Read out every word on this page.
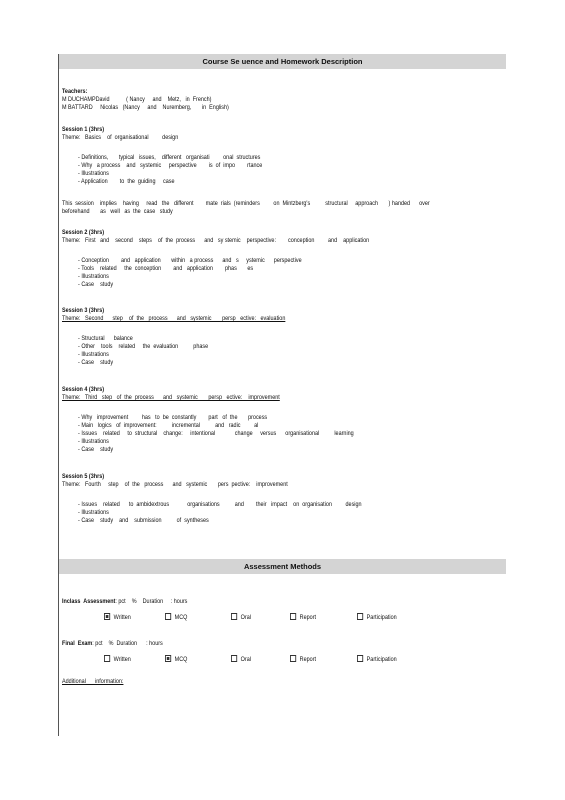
Course Se uence and Homework Description
Teachers:
M DUCHAMPDavid           ( Nancy     and    Metz,   in  French)
M BATTARD     Nicolas   (Nancy     and    Nuremberg,       in  English)
Session 1 (3hrs)
Theme:   Basics    of  organisational         design
- Definitions,       typical   issues,    different   organisati         onal  structures
- Why   a process    and   systemic     perspective        is  of  impo        rtance
- Illustrations
- Application        to  the  guiding     case
This  session    implies    having     read   the   different        mate  rials  (reminders         on  Mintzberg's          structural     approach       ) handed      over
beforehand       as   well   as  the  case   study
Session 2 (3hrs)
Theme:   First   and    second    steps    of  the  process      and   sy stemic    perspective:        conception         and    application
- Conception        and   application       within   a process      and   s     ystemic      perspective
- Tools    related     the  conception        and   application        phas       es
- Illustrations
- Case    study
Session 3 (3hrs)
Theme:   Second      step    of  the   process      and   systemic       persp   ective:   evaluation
- Structural      balance
- Other    tools    related     the  evaluation          phase
- Illustrations
- Case    study
Session 4 (3hrs)
Theme:   Third   step   of  the  process      and   systemic       persp   ective:    improvement
- Why   improvement         has   to  be  constantly        part   of  the       process
- Main   logics   of  improvement:          incremental          and   radic         al
- Issues    related     to  structural    change:     intentional             change     versus      organisational          learning
- Illustrations
- Case    study
Session 5 (3hrs)
Theme:   Fourth     step    of  the   process      and   systemic       pers  pective:    improvement
- Issues    related      to  ambidextrous            organisations          and        their   impact    on  organisation         design
- Illustrations
- Case    study    and    submission          of  syntheses
Assessment Methods
Inclass  Assessment: pct    %    Duration     : hours
Written	MCQ	Oral	Report	Participation
Final  Exam: pct    %  Duration      : hours
Written	MCQ	Oral	Report	Participation
Additional      information:
